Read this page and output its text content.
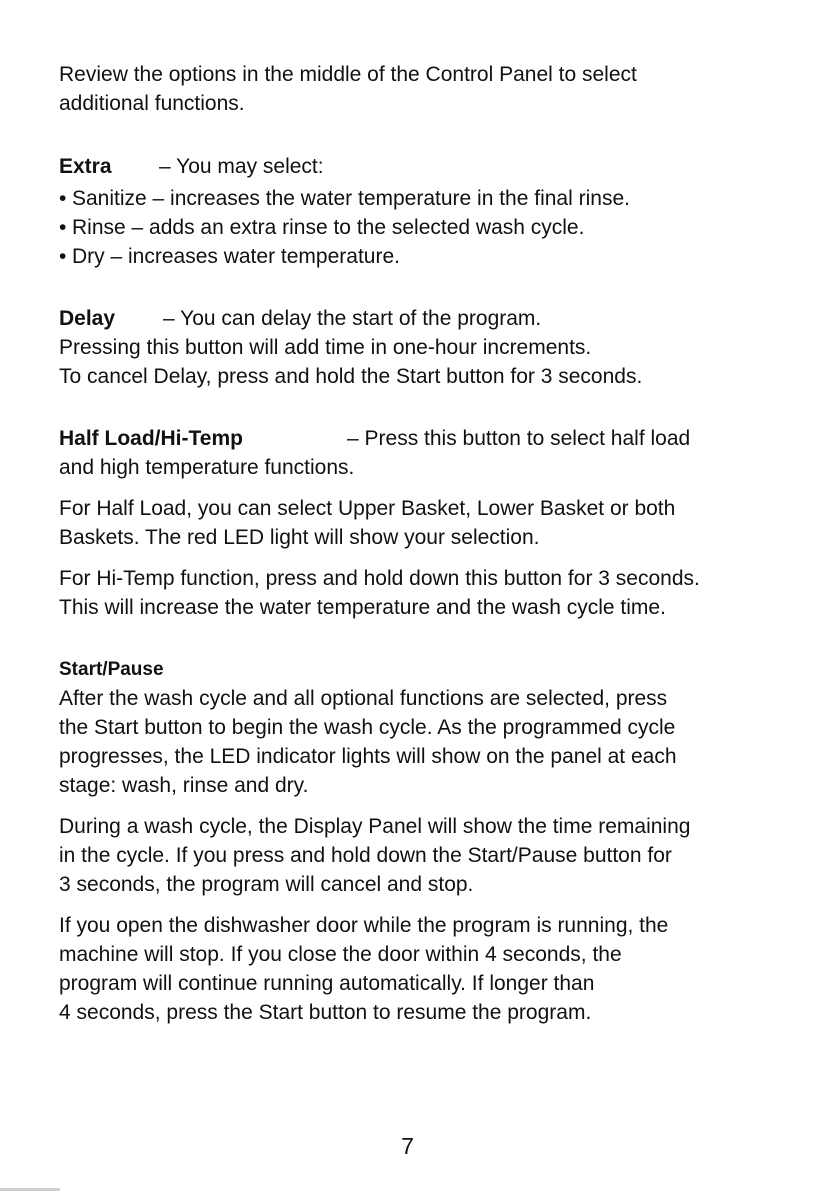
Review the options in the middle of the Control Panel to select

additional functions.

Extra – You may select:

• Sanitize – increases the water temperature in the final rinse.
• Rinse – adds an extra rinse to the selected wash cycle.
• Dry – increases water temperature.

Delay – You can delay the start of the program.

Pressing this button will add time in one-hour increments.

To cancel Delay, press and hold the Start button for 3 seconds.

Half Load/Hi-Temp	– Press this button to select half load

and high temperature functions.

For Half Load, you can select Upper Basket, Lower Basket or both

Baskets. The red LED light will show your selection.

For Hi-Temp function, press and hold down this button for 3 seconds.

This will increase the water temperature and the wash cycle time.

Start/Pause

After the wash cycle and all optional functions are selected, press

the Start button to begin the wash cycle. As the programmed cycle

progresses, the LED indicator lights will show on the panel at each

stage: wash, rinse and dry.

During a wash cycle, the Display Panel will show the time remaining

in the cycle. If you press and hold down the Start/Pause button for

3 seconds, the program will cancel and stop.

If you open the dishwasher door while the program is running, the

machine will stop. If you close the door within 4 seconds, the

program will continue running automatically. If longer than

4 seconds, press the Start button to resume the program.

7
